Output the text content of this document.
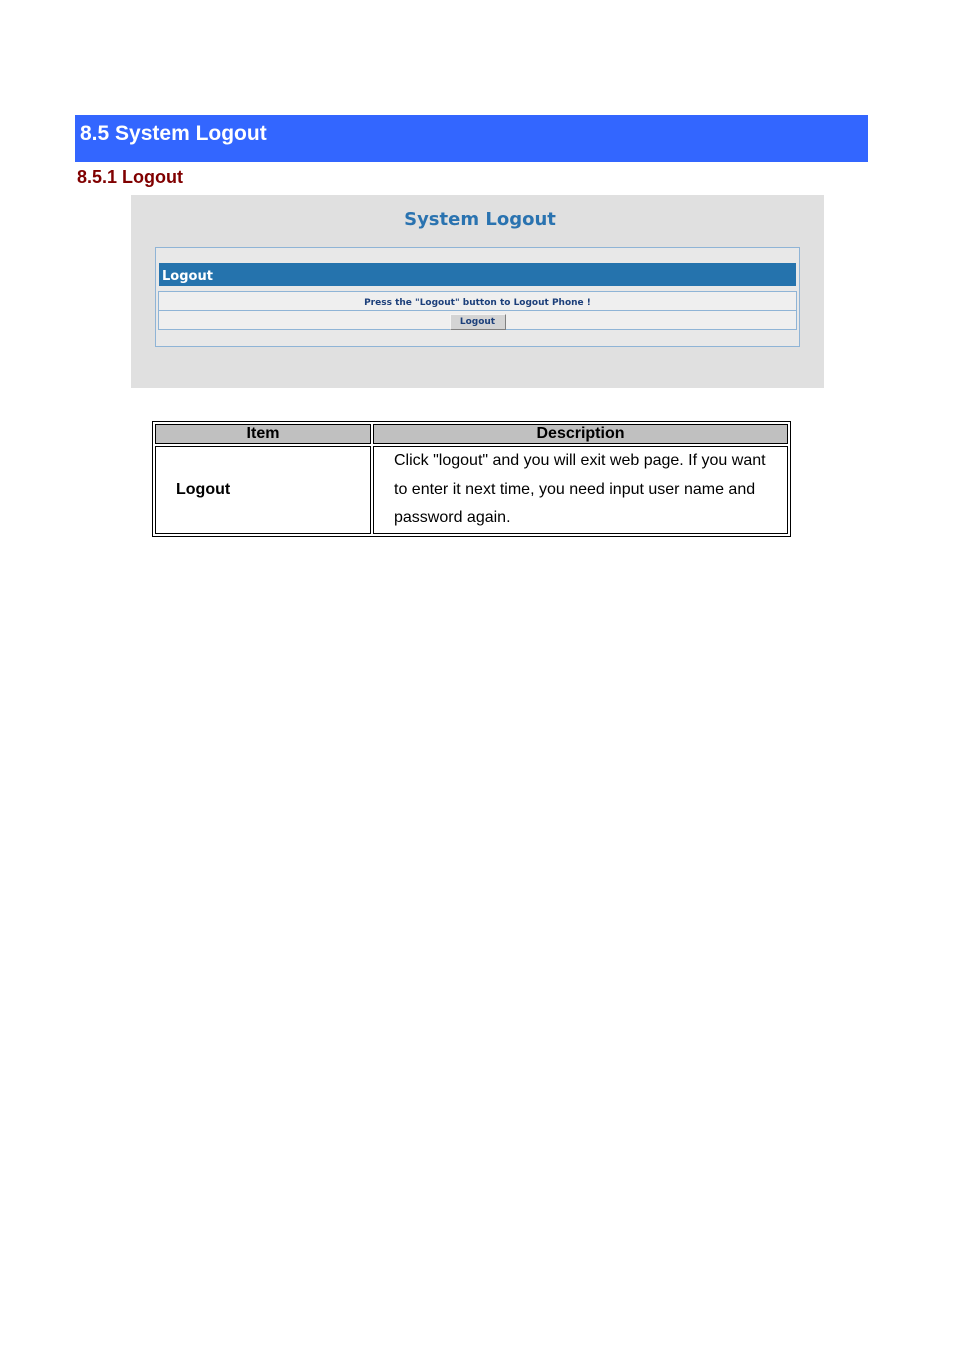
8.5 System Logout
8.5.1 Logout
System Logout
Logout
Press the "Logout" button to Logout Phone !
Logout
Item	Description
Logout	Click "logout" and you will exit web page. If you want to enter it next time, you need input user name and password again.
